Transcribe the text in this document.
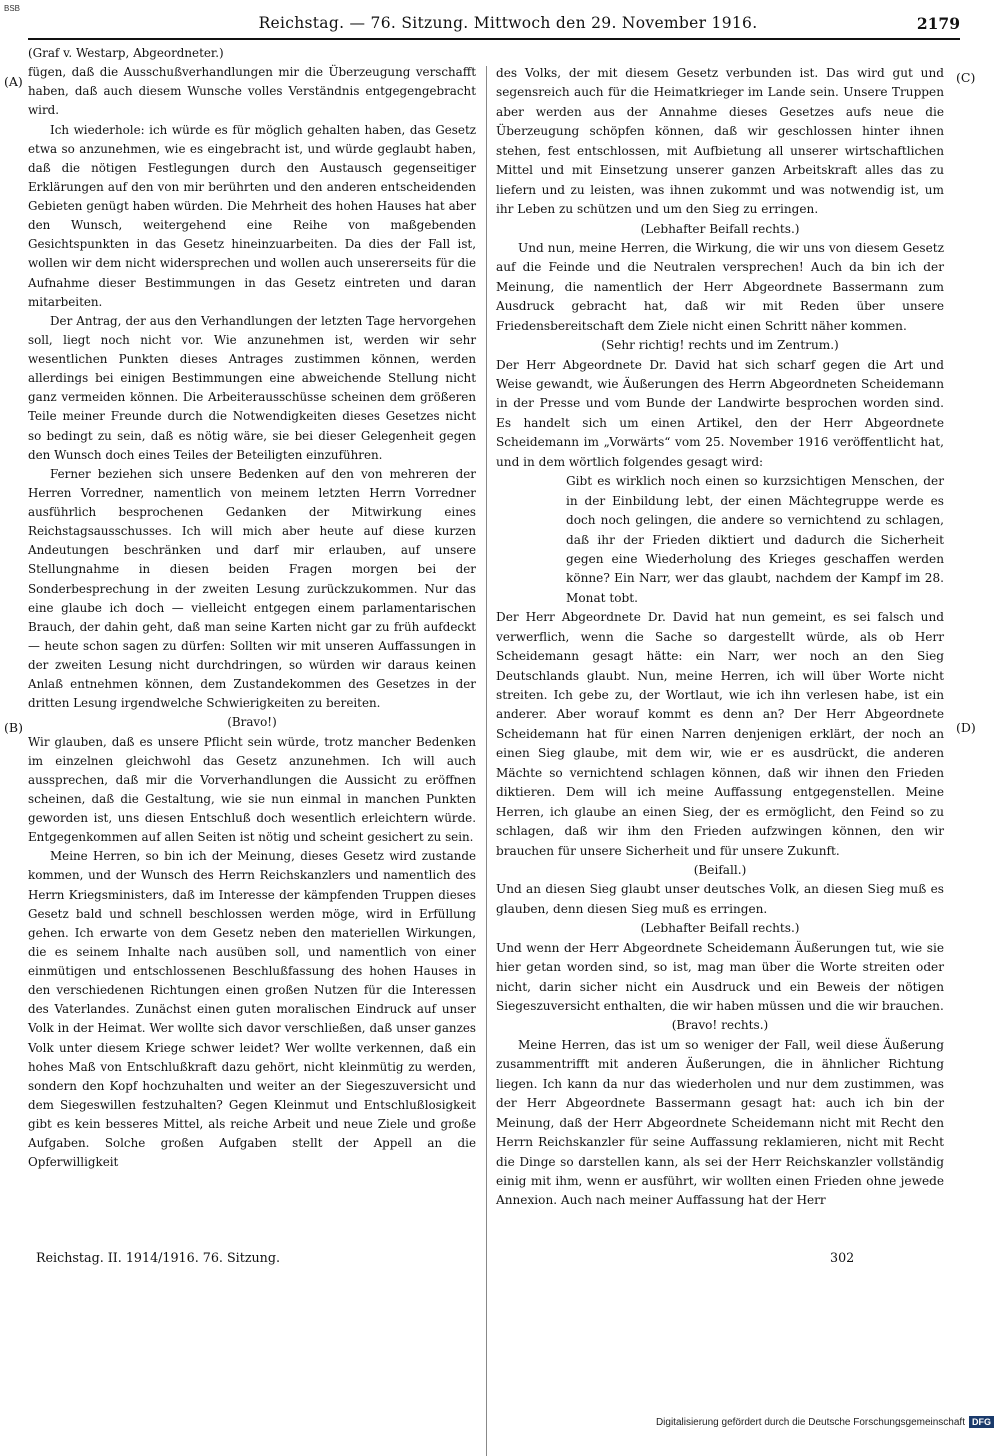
BSB
Reichstag. — 76. Sitzung. Mittwoch den 29. November 1916.	2179
(A)
(B)
(C)
(D)

(Graf v. Westarp, Abgeordneter.)

fügen, daß die Ausschußverhandlungen mir die Überzeugung verschafft haben, daß auch diesem Wunsche volles Verständnis entgegengebracht wird.

Ich wiederhole: ich würde es für möglich gehalten haben, das Gesetz etwa so anzunehmen, wie es eingebracht ist, und würde geglaubt haben, daß die nötigen Festlegungen durch den Austausch gegenseitiger Erklärungen auf den von mir berührten und den anderen entscheidenden Gebieten genügt haben würden. Die Mehrheit des hohen Hauses hat aber den Wunsch, weitergehend eine Reihe von maßgebenden Gesichtspunkten in das Gesetz hineinzuarbeiten. Da dies der Fall ist, wollen wir dem nicht widersprechen und wollen auch unsererseits für die Aufnahme dieser Bestimmungen in das Gesetz eintreten und daran mitarbeiten.

Der Antrag, der aus den Verhandlungen der letzten Tage hervorgehen soll, liegt noch nicht vor. Wie anzunehmen ist, werden wir sehr wesentlichen Punkten dieses Antrages zustimmen können, werden allerdings bei einigen Bestimmungen eine abweichende Stellung nicht ganz vermeiden können. Die Arbeiterausschüsse scheinen dem größeren Teile meiner Freunde durch die Notwendigkeiten dieses Gesetzes nicht so bedingt zu sein, daß es nötig wäre, sie bei dieser Gelegenheit gegen den Wunsch doch eines Teiles der Beteiligten einzuführen.

Ferner beziehen sich unsere Bedenken auf den von mehreren der Herren Vorredner, namentlich von meinem letzten Herrn Vorredner ausführlich besprochenen Gedanken der Mitwirkung eines Reichstagsausschusses. Ich will mich aber heute auf diese kurzen Andeutungen beschränken und darf mir erlauben, auf unsere Stellungnahme in diesen beiden Fragen morgen bei der Sonderbesprechung in der zweiten Lesung zurückzukommen. Nur das eine glaube ich doch — vielleicht entgegen einem parlamentarischen Brauch, der dahin geht, daß man seine Karten nicht gar zu früh aufdeckt — heute schon sagen zu dürfen: Sollten wir mit unseren Auffassungen in der zweiten Lesung nicht durchdringen, so würden wir daraus keinen Anlaß entnehmen können, dem Zustandekommen des Gesetzes in der dritten Lesung irgendwelche Schwierigkeiten zu bereiten.

(Bravo!)

Wir glauben, daß es unsere Pflicht sein würde, trotz mancher Bedenken im einzelnen gleichwohl das Gesetz anzunehmen. Ich will auch aussprechen, daß mir die Vorverhandlungen die Aussicht zu eröffnen scheinen, daß die Gestaltung, wie sie nun einmal in manchen Punkten geworden ist, uns diesen Entschluß doch wesentlich erleichtern würde. Entgegenkommen auf allen Seiten ist nötig und scheint gesichert zu sein.

Meine Herren, so bin ich der Meinung, dieses Gesetz wird zustande kommen, und der Wunsch des Herrn Reichskanzlers und namentlich des Herrn Kriegsministers, daß im Interesse der kämpfenden Truppen dieses Gesetz bald und schnell beschlossen werden möge, wird in Erfüllung gehen. Ich erwarte von dem Gesetz neben den materiellen Wirkungen, die es seinem Inhalte nach ausüben soll, und namentlich von einer einmütigen und entschlossenen Beschlußfassung des hohen Hauses in den verschiedenen Richtungen einen großen Nutzen für die Interessen des Vaterlandes. Zunächst einen guten moralischen Eindruck auf unser Volk in der Heimat. Wer wollte sich davor verschließen, daß unser ganzes Volk unter diesem Kriege schwer leidet? Wer wollte verkennen, daß ein hohes Maß von Entschlußkraft dazu gehört, nicht kleinmütig zu werden, sondern den Kopf hochzuhalten und weiter an der Siegeszuversicht und dem Siegeswillen festzuhalten? Gegen Kleinmut und Entschlußlosigkeit gibt es kein besseres Mittel, als reiche Arbeit und neue Ziele und große Aufgaben. Solche großen Aufgaben stellt der Appell an die Opferwilligkeit

des Volks, der mit diesem Gesetz verbunden ist. Das wird gut und segensreich auch für die Heimatkrieger im Lande sein. Unsere Truppen aber werden aus der Annahme dieses Gesetzes aufs neue die Überzeugung schöpfen können, daß wir geschlossen hinter ihnen stehen, fest entschlossen, mit Aufbietung all unserer wirtschaftlichen Mittel und mit Einsetzung unserer ganzen Arbeitskraft alles das zu liefern und zu leisten, was ihnen zukommt und was notwendig ist, um ihr Leben zu schützen und um den Sieg zu erringen.

(Lebhafter Beifall rechts.)

Und nun, meine Herren, die Wirkung, die wir uns von diesem Gesetz auf die Feinde und die Neutralen versprechen! Auch da bin ich der Meinung, die namentlich der Herr Abgeordnete Bassermann zum Ausdruck gebracht hat, daß wir mit Reden über unsere Friedensbereitschaft dem Ziele nicht einen Schritt näher kommen.

(Sehr richtig! rechts und im Zentrum.)

Der Herr Abgeordnete Dr. David hat sich scharf gegen die Art und Weise gewandt, wie Äußerungen des Herrn Abgeordneten Scheidemann in der Presse und vom Bunde der Landwirte besprochen worden sind. Es handelt sich um einen Artikel, den der Herr Abgeordnete Scheidemann im „Vorwärts“ vom 25. November 1916 veröffentlicht hat, und in dem wörtlich folgendes gesagt wird:

Gibt es wirklich noch einen so kurzsichtigen Menschen, der in der Einbildung lebt, der einen Mächtegruppe werde es doch noch gelingen, die andere so vernichtend zu schlagen, daß ihr der Frieden diktiert und dadurch die Sicherheit gegen eine Wiederholung des Krieges geschaffen werden könne? Ein Narr, wer das glaubt, nachdem der Kampf im 28. Monat tobt.

Der Herr Abgeordnete Dr. David hat nun gemeint, es sei falsch und verwerflich, wenn die Sache so dargestellt würde, als ob Herr Scheidemann gesagt hätte: ein Narr, wer noch an den Sieg Deutschlands glaubt. Nun, meine Herren, ich will über Worte nicht streiten. Ich gebe zu, der Wortlaut, wie ich ihn verlesen habe, ist ein anderer. Aber worauf kommt es denn an? Der Herr Abgeordnete Scheidemann hat für einen Narren denjenigen erklärt, der noch an einen Sieg glaube, mit dem wir, wie er es ausdrückt, die anderen Mächte so vernichtend schlagen können, daß wir ihnen den Frieden diktieren. Dem will ich meine Auffassung entgegenstellen. Meine Herren, ich glaube an einen Sieg, der es ermöglicht, den Feind so zu schlagen, daß wir ihm den Frieden aufzwingen können, den wir brauchen für unsere Sicherheit und für unsere Zukunft.

(Beifall.)

Und an diesen Sieg glaubt unser deutsches Volk, an diesen Sieg muß es glauben, denn diesen Sieg muß es erringen.

(Lebhafter Beifall rechts.)

Und wenn der Herr Abgeordnete Scheidemann Äußerungen tut, wie sie hier getan worden sind, so ist, mag man über die Worte streiten oder nicht, darin sicher nicht ein Ausdruck und ein Beweis der nötigen Siegeszuversicht enthalten, die wir haben müssen und die wir brauchen.

(Bravo! rechts.)

Meine Herren, das ist um so weniger der Fall, weil diese Äußerung zusammentrifft mit anderen Äußerungen, die in ähnlicher Richtung liegen. Ich kann da nur das wiederholen und nur dem zustimmen, was der Herr Abgeordnete Bassermann gesagt hat: auch ich bin der Meinung, daß der Herr Abgeordnete Scheidemann nicht mit Recht den Herrn Reichskanzler für seine Auffassung reklamieren, nicht mit Recht die Dinge so darstellen kann, als sei der Herr Reichskanzler vollständig einig mit ihm, wenn er ausführt, wir wollten einen Frieden ohne jewede Annexion. Auch nach meiner Auffassung hat der Herr

Reichstag. II. 1914/1916. 76. Sitzung.	302
Digitalisierung gefördert durch die Deutsche Forschungsgemeinschaft DFG
